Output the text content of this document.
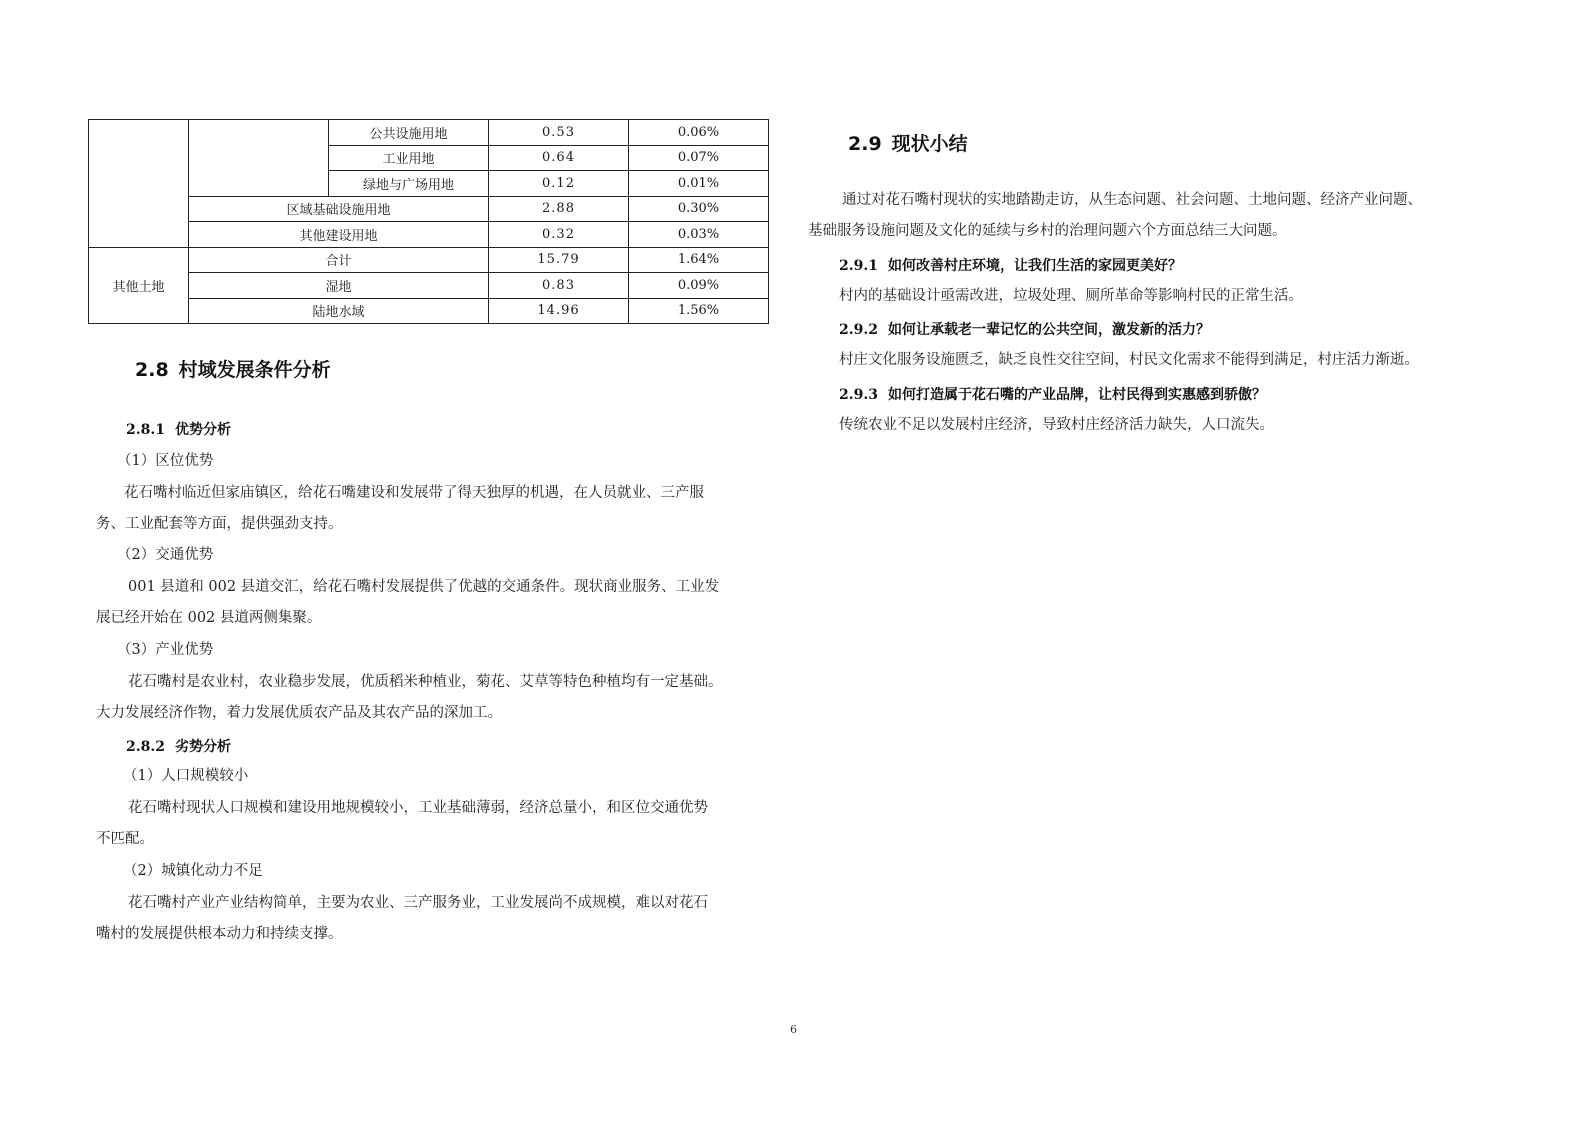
		公共设施用地	0.53	0.06%
		工业用地	0.64	0.07%
		绿地与广场用地	0.12	0.01%
	区域基础设施用地		2.88	0.30%
	其他建设用地		0.32	0.03%
其他土地	合计		15.79	1.64%
	湿地		0.83	0.09%
	陆地水域		14.96	1.56%
2.8 村域发展条件分析
2.8.1 优势分析
（1）区位优势
花石嘴村临近但家庙镇区，给花石嘴建设和发展带了得天独厚的机遇，在人员就业、三产服
务、工业配套等方面，提供强劲支持。
（2）交通优势
001 县道和 002 县道交汇，给花石嘴村发展提供了优越的交通条件。现状商业服务、工业发
展已经开始在 002 县道两侧集聚。
（3）产业优势
花石嘴村是农业村，农业稳步发展，优质稻米种植业，菊花、艾草等特色种植均有一定基础。
大力发展经济作物，着力发展优质农产品及其农产品的深加工。
2.8.2 劣势分析
（1）人口规模较小
花石嘴村现状人口规模和建设用地规模较小，工业基础薄弱，经济总量小，和区位交通优势
不匹配。
（2）城镇化动力不足
花石嘴村产业产业结构简单，主要为农业、三产服务业，工业发展尚不成规模，难以对花石
嘴村的发展提供根本动力和持续支撑。
2.9 现状小结
通过对花石嘴村现状的实地踏勘走访，从生态问题、社会问题、土地问题、经济产业问题、
基础服务设施问题及文化的延续与乡村的治理问题六个方面总结三大问题。
2.9.1 如何改善村庄环境，让我们生活的家园更美好？
村内的基础设计亟需改进，垃圾处理、厕所革命等影响村民的正常生活。
2.9.2 如何让承载老一辈记忆的公共空间，激发新的活力？
村庄文化服务设施匮乏，缺乏良性交往空间，村民文化需求不能得到满足，村庄活力渐逝。
2.9.3 如何打造属于花石嘴的产业品牌，让村民得到实惠感到骄傲？
传统农业不足以发展村庄经济，导致村庄经济活力缺失，人口流失。
6
